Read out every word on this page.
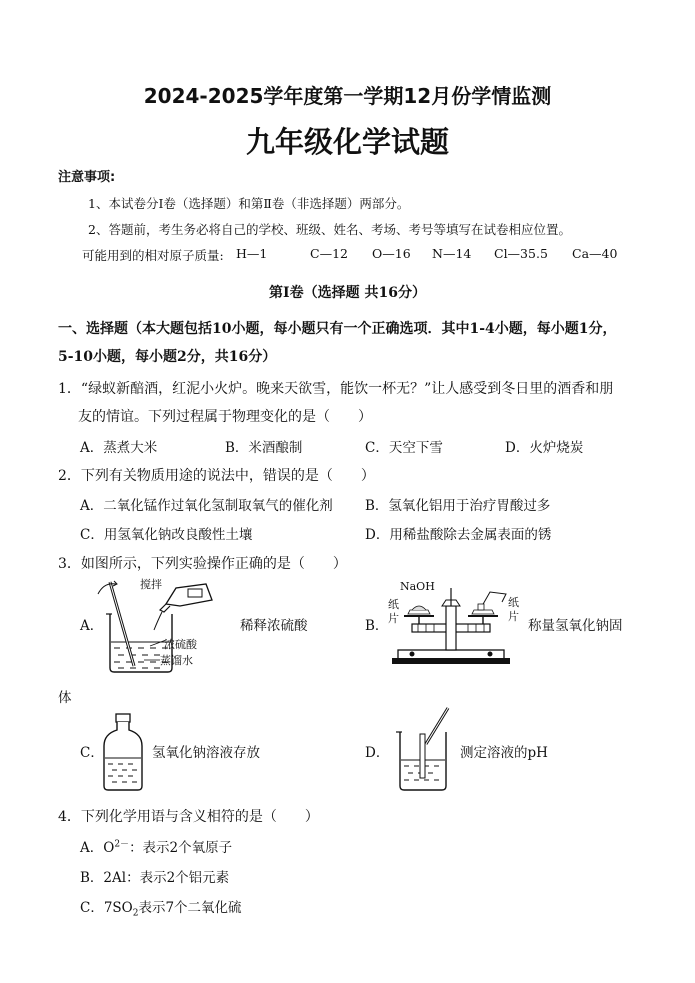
2024-2025学年度第一学期12月份学情监测
九年级化学试题
注意事项:
1、本试卷分Ⅰ卷（选择题）和第Ⅱ卷（非选择题）两部分。
2、答题前，考生务必将自己的学校、班级、姓名、考场、考号等填写在试卷相应位置。
可能用到的相对原子质量: H—1	C—12 O—16 N—14 Cl—35.5 Ca—40
第Ⅰ卷（选择题 共16分）
一、选择题（本大题包括10小题，每小题只有一个正确选项．其中1-4小题，每小题1分，
5-10小题，每小题2分，共16分）
1．“绿蚁新醅酒，红泥小火炉。晚来天欲雪，能饮一杯无？”让人感受到冬日里的酒香和朋
友的情谊。下列过程属于物理变化的是（　　）
A．蒸煮大米	B．米酒酿制	C．天空下雪	D．火炉烧炭
2．下列有关物质用途的说法中，错误的是（　　）
A．二氧化锰作过氧化氢制取氧气的催化剂 B．氢氧化铝用于治疗胃酸过多
C．用氢氧化钠改良酸性土壤	D．用稀盐酸除去金属表面的锈
3．如图所示，下列实验操作正确的是（　　）
A．
搅拌
浓硫酸
蒸馏水
稀释浓硫酸	B．
NaOH
纸
片
纸
片
称量氢氧化钠固
体
C．	氢氧化钠溶液存放	D．	测定溶液的pH
4．下列化学用语与含义相符的是（　　）
A．$O^{2-}$：表示2个氧原子
B．2Al：表示2个铝元素
C．$7SO_2$表示7个二氧化硫
